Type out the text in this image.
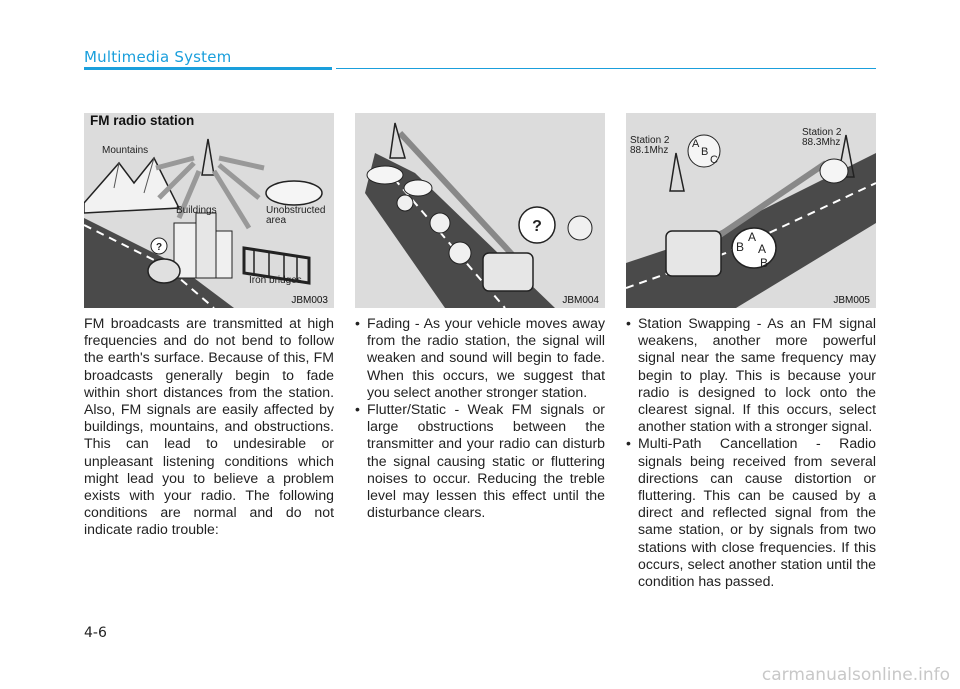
Multimedia System
?
Mountains
Buildings	Unobstructed
area
Iron bridges
FM radio station
JBM003
?
JBM004
Station 2
88.1Mhz
Station 2
88.3Mhz
A
B
C
A
B A
B
JBM005

FM broadcasts are transmitted at high frequencies and do not bend to follow the earth's surface. Because of this, FM broadcasts generally begin to fade within short distances from the station. Also, FM signals are easily affected by buildings, mountains, and obstructions. This can lead to undesirable or unpleasant listening conditions which might lead you to believe a problem exists with your radio. The following conditions are normal and do not indicate radio trouble:

• Fading - As your vehicle moves away from the radio station, the signal will weaken and sound will begin to fade. When this occurs, we suggest that you select another stronger station.
• Flutter/Static - Weak FM signals or large obstructions between the transmitter and your radio can disturb the signal causing static or fluttering noises to occur. Reducing the treble level may lessen this effect until the disturbance clears.
• Station Swapping - As an FM signal weakens, another more powerful signal near the same frequency may begin to play. This is because your radio is designed to lock onto the clearest signal. If this occurs, select another station with a stronger signal.
• Multi-Path Cancellation - Radio signals being received from several directions can cause distortion or fluttering. This can be caused by a direct and reflected signal from the same station, or by signals from two stations with close frequencies. If this occurs, select another station until the condition has passed.
4-6
carmanualsonline.info
